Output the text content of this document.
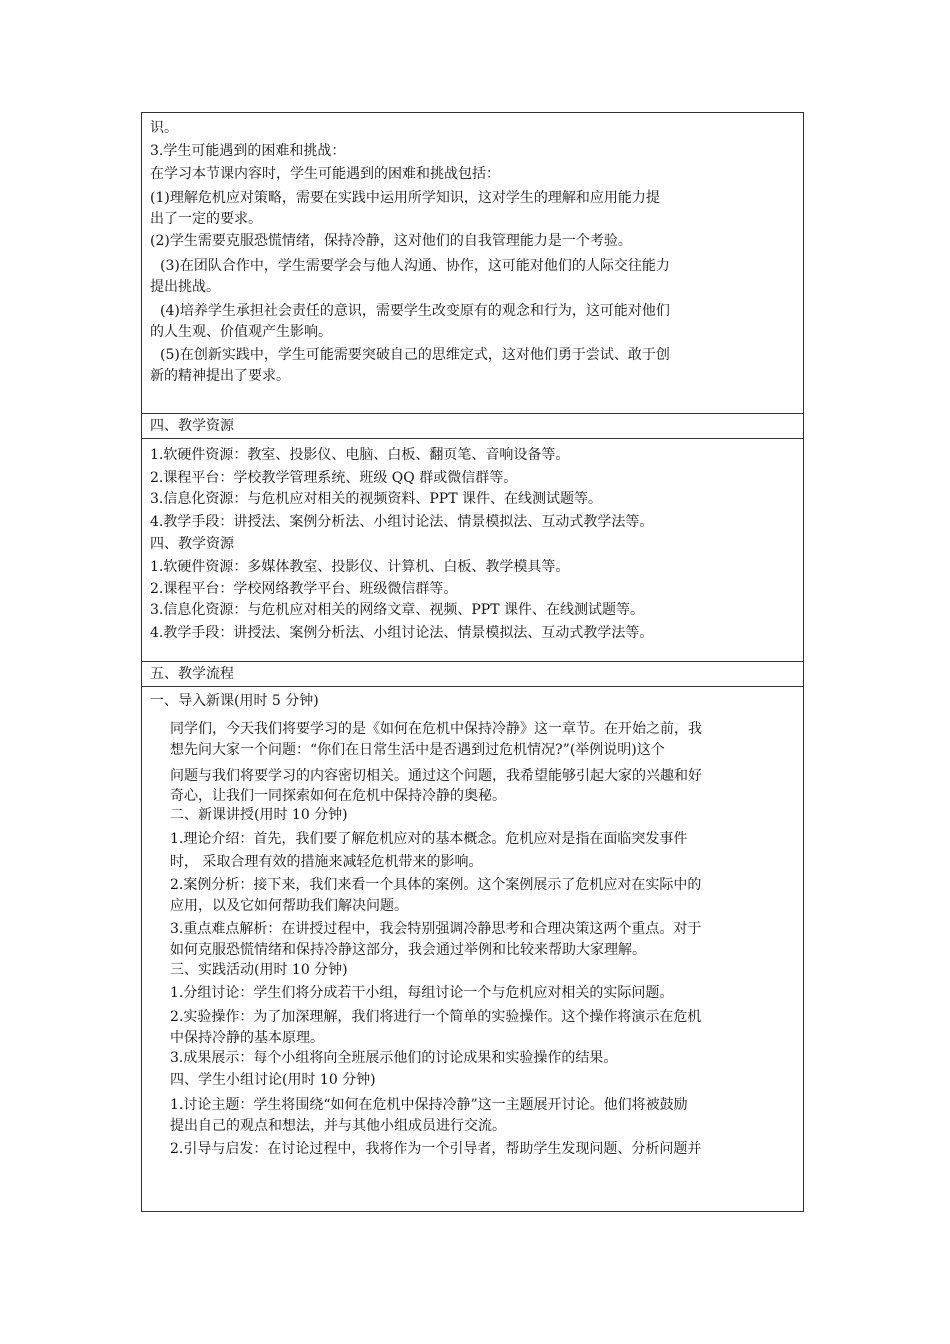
识。
3.学生可能遇到的困难和挑战：
在学习本节课内容时，学生可能遇到的困难和挑战包括：
(1)理解危机应对策略，需要在实践中运用所学知识，这对学生的理解和应用能力提
出了一定的要求。
(2)学生需要克服恐慌情绪，保持冷静，这对他们的自我管理能力是一个考验。
(3)在团队合作中，学生需要学会与他人沟通、协作，这可能对他们的人际交往能力
提出挑战。
(4)培养学生承担社会责任的意识，需要学生改变原有的观念和行为，这可能对他们
的人生观、价值观产生影响。
(5)在创新实践中，学生可能需要突破自己的思维定式，这对他们勇于尝试、敢于创
新的精神提出了要求。
四、教学资源
1.软硬件资源：教室、投影仪、电脑、白板、翻页笔、音响设备等。
2.课程平台：学校教学管理系统、班级 QQ 群或微信群等。
3.信息化资源：与危机应对相关的视频资料、PPT 课件、在线测试题等。
4.教学手段：讲授法、案例分析法、小组讨论法、情景模拟法、互动式教学法等。
四、教学资源
1.软硬件资源：多媒体教室、投影仪、计算机、白板、教学模具等。
2.课程平台：学校网络教学平台、班级微信群等。
3.信息化资源：与危机应对相关的网络文章、视频、PPT 课件、在线测试题等。
4.教学手段：讲授法、案例分析法、小组讨论法、情景模拟法、互动式教学法等。
五、教学流程
一、导入新课(用时 5 分钟)
同学们，今天我们将要学习的是《如何在危机中保持冷静》这一章节。在开始之前，我
想先问大家一个问题：“你们在日常生活中是否遇到过危机情况?”(举例说明)这个
问题与我们将要学习的内容密切相关。通过这个问题，我希望能够引起大家的兴趣和好
奇心，让我们一同探索如何在危机中保持冷静的奥秘。
二、新课讲授(用时 10 分钟)
1.理论介绍：首先，我们要了解危机应对的基本概念。危机应对是指在面临突发事件
时， 采取合理有效的措施来减轻危机带来的影响。
2.案例分析：接下来，我们来看一个具体的案例。这个案例展示了危机应对在实际中的
应用，以及它如何帮助我们解决问题。
3.重点难点解析：在讲授过程中，我会特别强调冷静思考和合理决策这两个重点。对于
如何克服恐慌情绪和保持冷静这部分，我会通过举例和比较来帮助大家理解。
三、实践活动(用时 10 分钟)
1.分组讨论：学生们将分成若干小组，每组讨论一个与危机应对相关的实际问题。
2.实验操作：为了加深理解，我们将进行一个简单的实验操作。这个操作将演示在危机
中保持冷静的基本原理。
3.成果展示：每个小组将向全班展示他们的讨论成果和实验操作的结果。
四、学生小组讨论(用时 10 分钟)
1.讨论主题：学生将围绕“如何在危机中保持冷静”这一主题展开讨论。他们将被鼓励
提出自己的观点和想法，并与其他小组成员进行交流。
2.引导与启发：在讨论过程中，我将作为一个引导者，帮助学生发现问题、分析问题并
